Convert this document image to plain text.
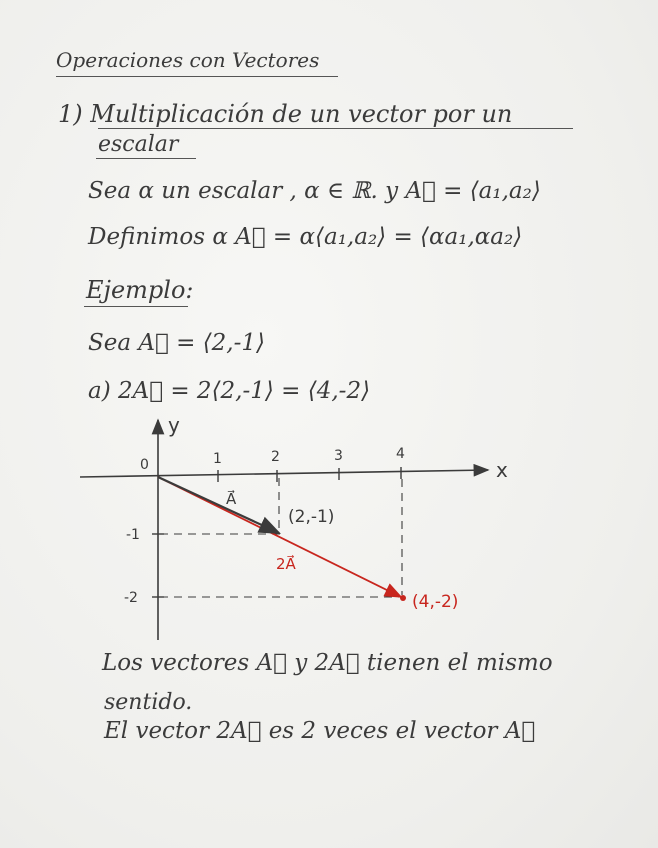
Operaciones con Vectores
1) Multiplicación de un vector por un
escalar
Sea α un escalar , α ∈ ℝ. y A⃗ = ⟨a₁,a₂⟩
Definimos α A⃗ = α⟨a₁,a₂⟩ = ⟨αa₁,αa₂⟩
Ejemplo:
Sea A⃗ = ⟨2,-1⟩
a) 2A⃗ = 2⟨2,-1⟩ = ⟨4,-2⟩
x
y
0	1	2	3	4
-1
-2
2A⃗
(4,-2)
A⃗
(2,-1)
Los vectores A⃗ y 2A⃗ tienen el mismo
sentido.
El vector 2A⃗ es 2 veces el vector A⃗
